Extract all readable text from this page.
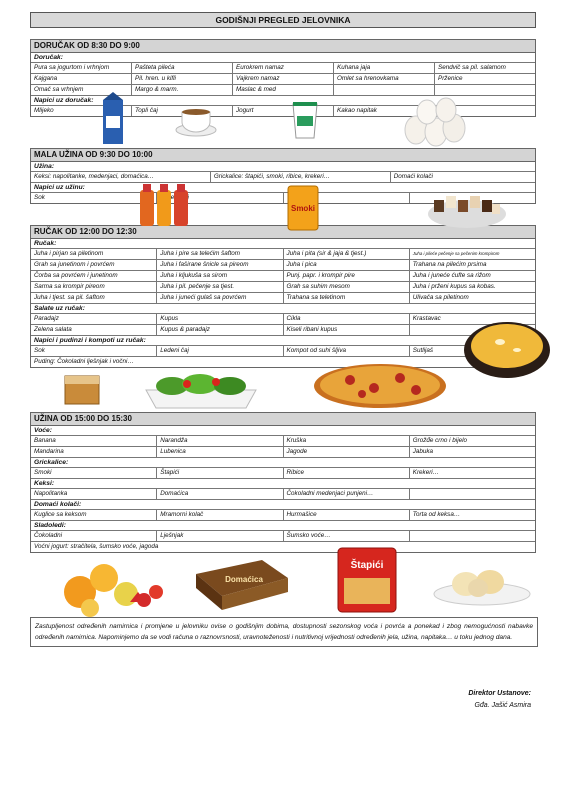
GODIŠNJI PREGLED JELOVNIKA
DORUČAK OD 8:30 DO 9:00
Doručak:
Pura sa jogurtom i vrhnjom	Pašteta pileća	Eurokrem namaz	Kuhana jaja	Sendvič sa pil. salamom
Kajgana	Pil. hren. u kifli	Vajkrem namaz	Omlet sa hrenovkama	Prženice
Omač sa vrhnjem	Margo & marm.	Maslac & med
Napici uz doručak:
Mlijeko	Topli čaj	Jogurt	Kakao napitak
MALA UŽINA OD 9:30 DO 10:00
Užina:
Keksi: napolitanke, medenjaci, domaćica…	Grickalice: štapići, smoki, ribice, krekeri…	Domaći kolači
Napici uz užinu:
Sok
RUČAK OD 12:00 DO 12:30
Ručak:
Juha i pirjan sa piletinom	Juha i pire sa telećim šaftom	Juha i pita (sir & jaja & tjest.)	Juha i pileće pečenje sa pečenim krompirom
Grah sa junetinom i povrćem	Juha i faširane šnicle sa pireom	Juha i pica	Trahana na pilećim prsima
Čorba sa povrćem i junetinom	Juha i kljukuša sa sirom	Punj. papr. i krompir pire	Juha i juneće ćufte sa rižom
Sarma sa krompir pireom	Juha i pil. pečenje sa tjest.	Grah sa suhim mesom	Juha i prženi kupus sa kobas.
Juha i tjest. sa pil. šaftom	Juha i juneći gulaš sa povrćem	Trahana sa teletinom	Ulivača sa piletinom
Salate uz ručak:
Paradajz	Kupus	Cikla	Krastavac
Zelena salata	Kupus & paradajz	Kiseli ribani kupus
Napici i pudinzi i kompoti uz ručak:
Sok	Ledeni čaj	Kompot od suhi šljiva	Sutlijaš
Puding: Čokoladni lješnjak i vočni…
UŽINA OD 15:00 DO 15:30
Voće:
Banana	Narandža	Kruška	Grožđe crno i bijelo
Mandarina	Lubenica	Jagode	Jabuka
Grickalice:
Smoki	Štapići	Ribice	Krekeri…
Keksi:
Napolitanka	Domaćica	Čokoladni medenjaci punjeni…
Domaći kolači:
Kuglice sa keksom	Mramorni kolač	Hurmašice	Torta od keksa…
Sladoledi:
Čokoladni	Lješnjak	Šumsko voće…
Voćni jogurt: stračitela, šumsko voće, jagoda
Smoki
Domaćica
Štapići
Zastupljenost određenih namirnica i promjene u jelovniku ovise o godišnjim dobima, dostupnosti sezonskog voća i povrća a ponekad i zbog nemogućnosti nabavke određenih namirnica. Napominjemo da se vodi računa o raznovrsnosti, uravnoteženosti i nutritivnoj vrijednosti određenih jela, užina, napitaka… u toku jednog dana.
Direktor Ustanove:
Gđa. Jašić Asmira
